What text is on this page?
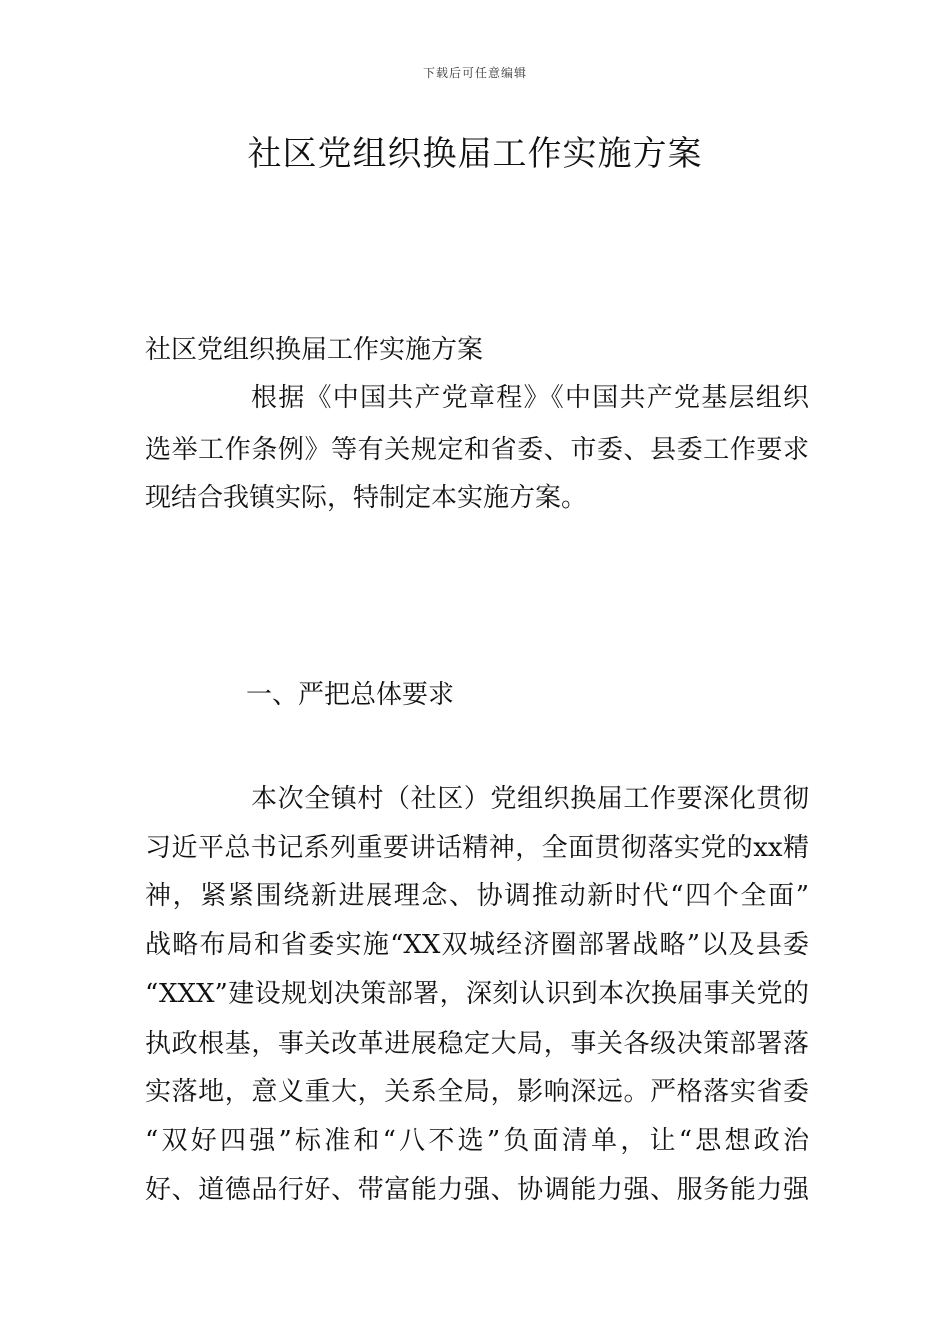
下载后可任意编辑
社区党组织换届工作实施方案
社区党组织换届工作实施方案
根据《中国共产党章程》《中国共产党基层组织
选举工作条例》等有关规定和省委、市委、县委工作要求
现结合我镇实际，特制定本实施方案。
一、严把总体要求
本次全镇村（社区）党组织换届工作要深化贯彻
习近平总书记系列重要讲话精神，全面贯彻落实党的xx精
神，紧紧围绕新进展理念、协调推动新时代“四个全面”
战略布局和省委实施“XX双城经济圈部署战略”以及县委
“XXX”建设规划决策部署，深刻认识到本次换届事关党的
执政根基，事关改革进展稳定大局，事关各级决策部署落
实落地，意义重大，关系全局，影响深远。严格落实省委
“双好四强”标准和“八不选”负面清单，让“思想政治
好、道德品行好、带富能力强、协调能力强、服务能力强
